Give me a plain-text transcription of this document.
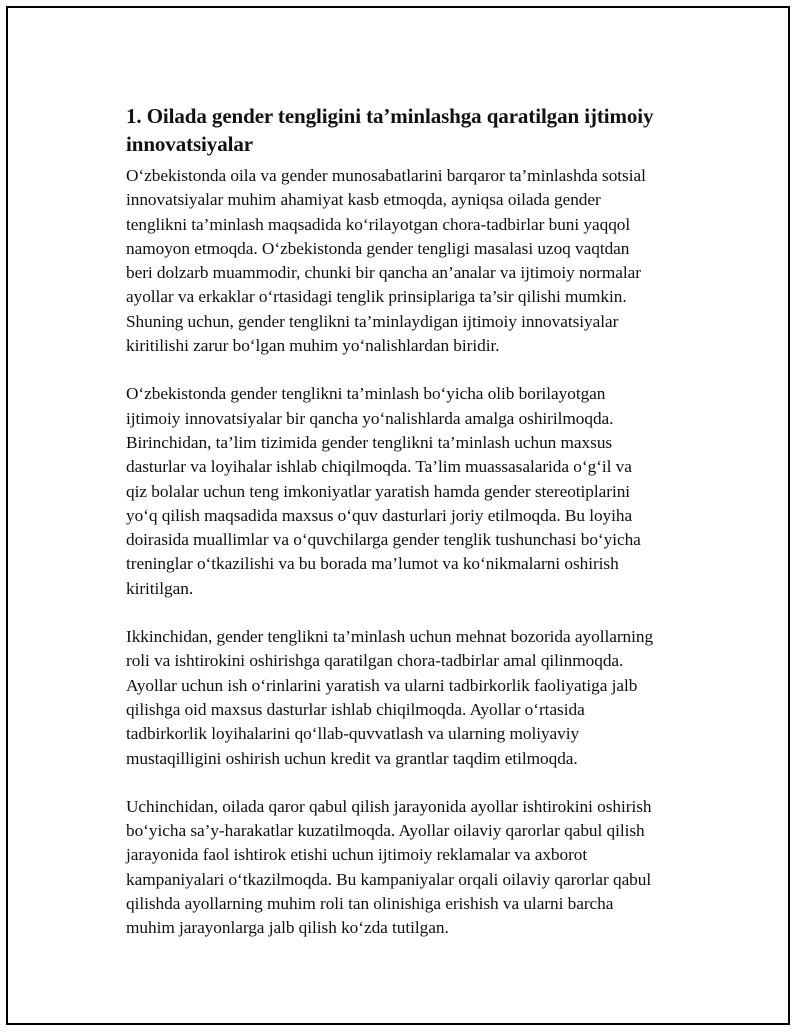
1. Oilada gender tengligini ta’minlashga qaratilgan ijtimoiy
innovatsiyalar
O‘zbekistonda oila va gender munosabatlarini barqaror ta’minlashda sotsial
innovatsiyalar muhim ahamiyat kasb etmoqda, ayniqsa oilada gender
tenglikni ta’minlash maqsadida ko‘rilayotgan chora-tadbirlar buni yaqqol
namoyon etmoqda. O‘zbekistonda gender tengligi masalasi uzoq vaqtdan
beri dolzarb muammodir, chunki bir qancha an’analar va ijtimoiy normalar
ayollar va erkaklar o‘rtasidagi tenglik prinsiplariga ta’sir qilishi mumkin.
Shuning uchun, gender tenglikni ta’minlaydigan ijtimoiy innovatsiyalar
kiritilishi zarur bo‘lgan muhim yo‘nalishlardan biridir.
O‘zbekistonda gender tenglikni ta’minlash bo‘yicha olib borilayotgan
ijtimoiy innovatsiyalar bir qancha yo‘nalishlarda amalga oshirilmoqda.
Birinchidan, ta’lim tizimida gender tenglikni ta’minlash uchun maxsus
dasturlar va loyihalar ishlab chiqilmoqda. Ta’lim muassasalarida o‘g‘il va
qiz bolalar uchun teng imkoniyatlar yaratish hamda gender stereotiplarini
yo‘q qilish maqsadida maxsus o‘quv dasturlari joriy etilmoqda. Bu loyiha
doirasida muallimlar va o‘quvchilarga gender tenglik tushunchasi bo‘yicha
treninglar o‘tkazilishi va bu borada ma’lumot va ko‘nikmalarni oshirish
kiritilgan.
Ikkinchidan, gender tenglikni ta’minlash uchun mehnat bozorida ayollarning
roli va ishtirokini oshirishga qaratilgan chora-tadbirlar amal qilinmoqda.
Ayollar uchun ish o‘rinlarini yaratish va ularni tadbirkorlik faoliyatiga jalb
qilishga oid maxsus dasturlar ishlab chiqilmoqda. Ayollar o‘rtasida
tadbirkorlik loyihalarini qo‘llab-quvvatlash va ularning moliyaviy
mustaqilligini oshirish uchun kredit va grantlar taqdim etilmoqda.
Uchinchidan, oilada qaror qabul qilish jarayonida ayollar ishtirokini oshirish
bo‘yicha sa’y-harakatlar kuzatilmoqda. Ayollar oilaviy qarorlar qabul qilish
jarayonida faol ishtirok etishi uchun ijtimoiy reklamalar va axborot
kampaniyalari o‘tkazilmoqda. Bu kampaniyalar orqali oilaviy qarorlar qabul
qilishda ayollarning muhim roli tan olinishiga erishish va ularni barcha
muhim jarayonlarga jalb qilish ko‘zda tutilgan.
